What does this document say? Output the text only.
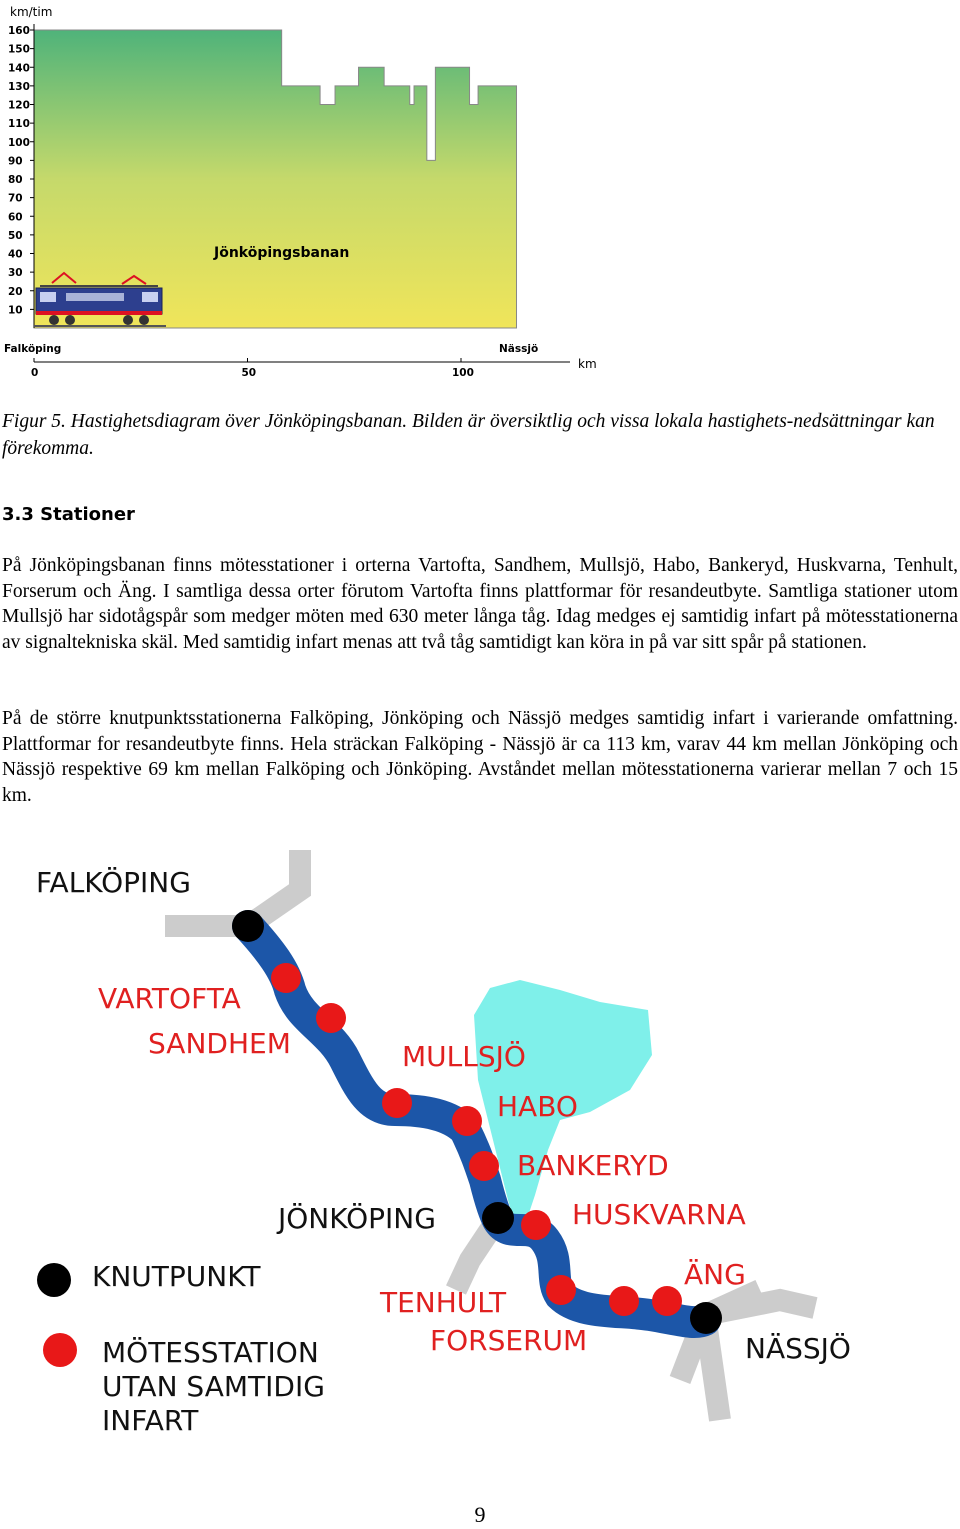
km/tim
160
150
140
130
120
110
100
90
80
70
60
50
40
30
20
10
0	50	100
Falköping	Nässjö
km
Jönköpingsbanan
Figur 5. Hastighetsdiagram över Jönköpingsbanan. Bilden är översiktlig och vissa lokala hastighets-nedsättningar kan förekomma.
3.3 Stationer
På Jönköpingsbanan finns mötesstationer i orterna Vartofta, Sandhem, Mullsjö, Habo, Bankeryd, Huskvarna, Tenhult, Forserum och Äng. I samtliga dessa orter förutom Vartofta finns plattformar för resandeutbyte. Samtliga stationer utom Mullsjö har sidotågspår som medger möten med 630 meter långa tåg. Idag medges ej samtidig infart på mötesstationerna av signaltekniska skäl. Med samtidig infart menas att två tåg samtidigt kan köra in på var sitt spår på stationen.
På de större knutpunktsstationerna Falköping, Jönköping och Nässjö medges samtidig infart i varierande omfattning. Plattformar for resandeutbyte finns. Hela sträckan Falköping - Nässjö är ca 113 km, varav 44 km mellan Jönköping och Nässjö respektive 69 km mellan Falköping och Jönköping. Avståndet mellan mötesstationerna varierar mellan 7 och 15 km.
FALKÖPING
VARTOFTA
SANDHEM	MULLSJÖ
HABO
BANKERYD
JÖNKÖPING	HUSKVARNA
ÄNG
TENHULT
FORSERUM	NÄSSJÖ
KNUTPUNKT
MÖTESSTATION
UTAN SAMTIDIG
INFART
9
